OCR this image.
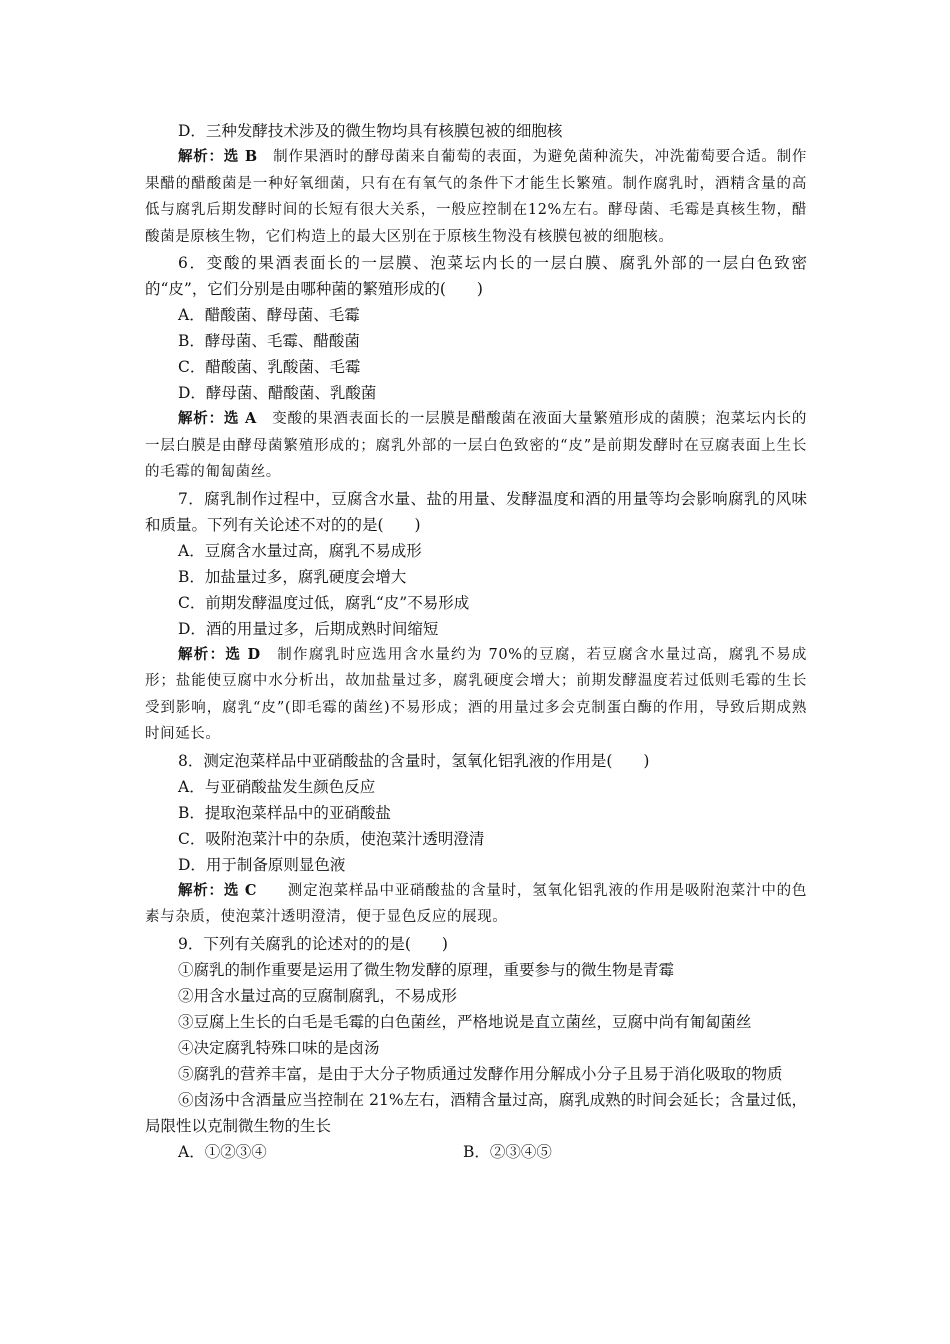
D．三种发酵技术涉及的微生物均具有核膜包被的细胞核

解析：选 B　制作果酒时的酵母菌来自葡萄的表面，为避免菌种流失，冲洗葡萄要合适。制作果醋的醋酸菌是一种好氧细菌，只有在有氧气的条件下才能生长繁殖。制作腐乳时，酒精含量的高低与腐乳后期发酵时间的长短有很大关系，一般应控制在12%左右。酵母菌、毛霉是真核生物，醋酸菌是原核生物，它们构造上的最大区别在于原核生物没有核膜包被的细胞核。

6．变酸的果酒表面长的一层膜、泡菜坛内长的一层白膜、腐乳外部的一层白色致密的“皮”，它们分别是由哪种菌的繁殖形成的(　　)

A．醋酸菌、酵母菌、毛霉
B．酵母菌、毛霉、醋酸菌
C．醋酸菌、乳酸菌、毛霉
D．酵母菌、醋酸菌、乳酸菌

解析：选 A　变酸的果酒表面长的一层膜是醋酸菌在液面大量繁殖形成的菌膜；泡菜坛内长的一层白膜是由酵母菌繁殖形成的；腐乳外部的一层白色致密的“皮”是前期发酵时在豆腐表面上生长的毛霉的匍匐菌丝。

7．腐乳制作过程中，豆腐含水量、盐的用量、发酵温度和酒的用量等均会影响腐乳的风味和质量。下列有关论述不对的的是(　　)

A．豆腐含水量过高，腐乳不易成形
B．加盐量过多，腐乳硬度会增大
C．前期发酵温度过低，腐乳“皮”不易形成
D．酒的用量过多，后期成熟时间缩短

解析：选 D　制作腐乳时应选用含水量约为 70%的豆腐，若豆腐含水量过高，腐乳不易成形；盐能使豆腐中水分析出，故加盐量过多，腐乳硬度会增大；前期发酵温度若过低则毛霉的生长受到影响，腐乳“皮”(即毛霉的菌丝)不易形成；酒的用量过多会克制蛋白酶的作用，导致后期成熟时间延长。

8．测定泡菜样品中亚硝酸盐的含量时，氢氧化铝乳液的作用是(　　)

A．与亚硝酸盐发生颜色反应
B．提取泡菜样品中的亚硝酸盐
C．吸附泡菜汁中的杂质，使泡菜汁透明澄清
D．用于制备原则显色液

解析：选 C　　测定泡菜样品中亚硝酸盐的含量时，氢氧化铝乳液的作用是吸附泡菜汁中的色素与杂质，使泡菜汁透明澄清，便于显色反应的展现。

9．下列有关腐乳的论述对的的是(　　)

①腐乳的制作重要是运用了微生物发酵的原理，重要参与的微生物是青霉

②用含水量过高的豆腐制腐乳，不易成形

③豆腐上生长的白毛是毛霉的白色菌丝，严格地说是直立菌丝，豆腐中尚有匍匐菌丝

④决定腐乳特殊口味的是卤汤

⑤腐乳的营养丰富，是由于大分子物质通过发酵作用分解成小分子且易于消化吸取的物质

⑥卤汤中含酒量应当控制在 21%左右，酒精含量过高，腐乳成熟的时间会延长；含量过低，局限性以克制微生物的生长

A．①②③④	B．②③④⑤
